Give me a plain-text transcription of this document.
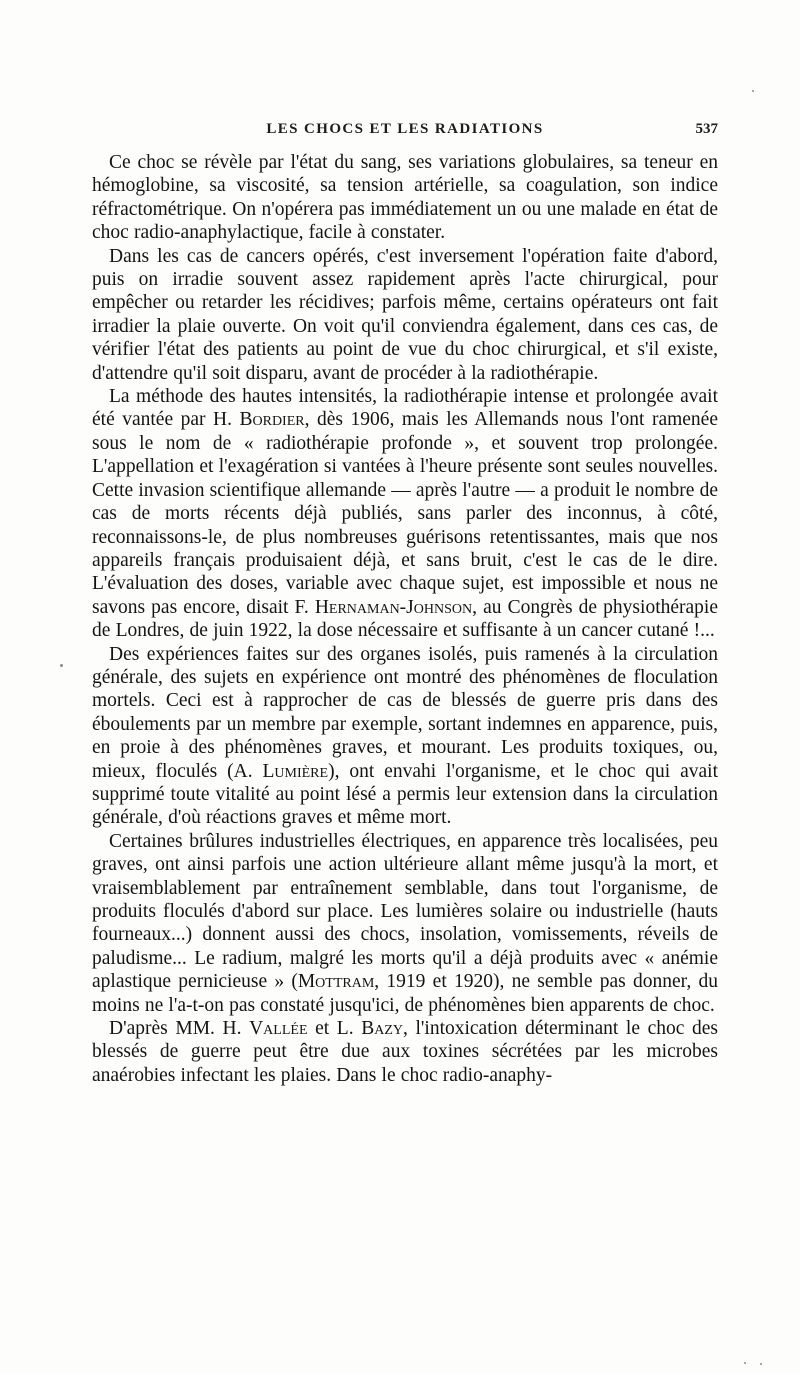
LES CHOCS ET LES RADIATIONS	537

Ce choc se révèle par l'état du sang, ses variations globulaires, sa teneur en hémoglobine, sa viscosité, sa tension artérielle, sa coagulation, son indice réfractométrique. On n'opérera pas immédiatement un ou une malade en état de choc radio-anaphylactique, facile à constater.

Dans les cas de cancers opérés, c'est inversement l'opération faite d'abord, puis on irradie souvent assez rapidement après l'acte chirurgical, pour empêcher ou retarder les récidives; parfois même, certains opérateurs ont fait irradier la plaie ouverte. On voit qu'il conviendra également, dans ces cas, de vérifier l'état des patients au point de vue du choc chirurgical, et s'il existe, d'attendre qu'il soit disparu, avant de procéder à la radiothérapie.

La méthode des hautes intensités, la radiothérapie intense et prolongée avait été vantée par H. Bordier, dès 1906, mais les Allemands nous l'ont ramenée sous le nom de « radiothérapie profonde », et souvent trop prolongée. L'appellation et l'exagération si vantées à l'heure présente sont seules nouvelles. Cette invasion scientifique allemande — après l'autre — a produit le nombre de cas de morts récents déjà publiés, sans parler des inconnus, à côté, reconnaissons-le, de plus nombreuses guérisons retentissantes, mais que nos appareils français produisaient déjà, et sans bruit, c'est le cas de le dire. L'évaluation des doses, variable avec chaque sujet, est impossible et nous ne savons pas encore, disait F. Hernaman-Johnson, au Congrès de physiothérapie de Londres, de juin 1922, la dose nécessaire et suffisante à un cancer cutané !...

Des expériences faites sur des organes isolés, puis ramenés à la circulation générale, des sujets en expérience ont montré des phénomènes de floculation mortels. Ceci est à rapprocher de cas de blessés de guerre pris dans des éboulements par un membre par exemple, sortant indemnes en apparence, puis, en proie à des phénomènes graves, et mourant. Les produits toxiques, ou, mieux, floculés (A. Lumière), ont envahi l'organisme, et le choc qui avait supprimé toute vitalité au point lésé a permis leur extension dans la circulation générale, d'où réactions graves et même mort.

Certaines brûlures industrielles électriques, en apparence très localisées, peu graves, ont ainsi parfois une action ultérieure allant même jusqu'à la mort, et vraisemblablement par entraînement semblable, dans tout l'organisme, de produits floculés d'abord sur place. Les lumières solaire ou industrielle (hauts fourneaux...) donnent aussi des chocs, insolation, vomissements, réveils de paludisme... Le radium, malgré les morts qu'il a déjà produits avec « anémie aplastique pernicieuse » (Mottram, 1919 et 1920), ne semble pas donner, du moins ne l'a-t-on pas constaté jusqu'ici, de phénomènes bien apparents de choc.

D'après MM. H. Vallée et L. Bazy, l'intoxication déterminant le choc des blessés de guerre peut être due aux toxines sécrétées par les microbes anaérobies infectant les plaies. Dans le choc radio-anaphy-
